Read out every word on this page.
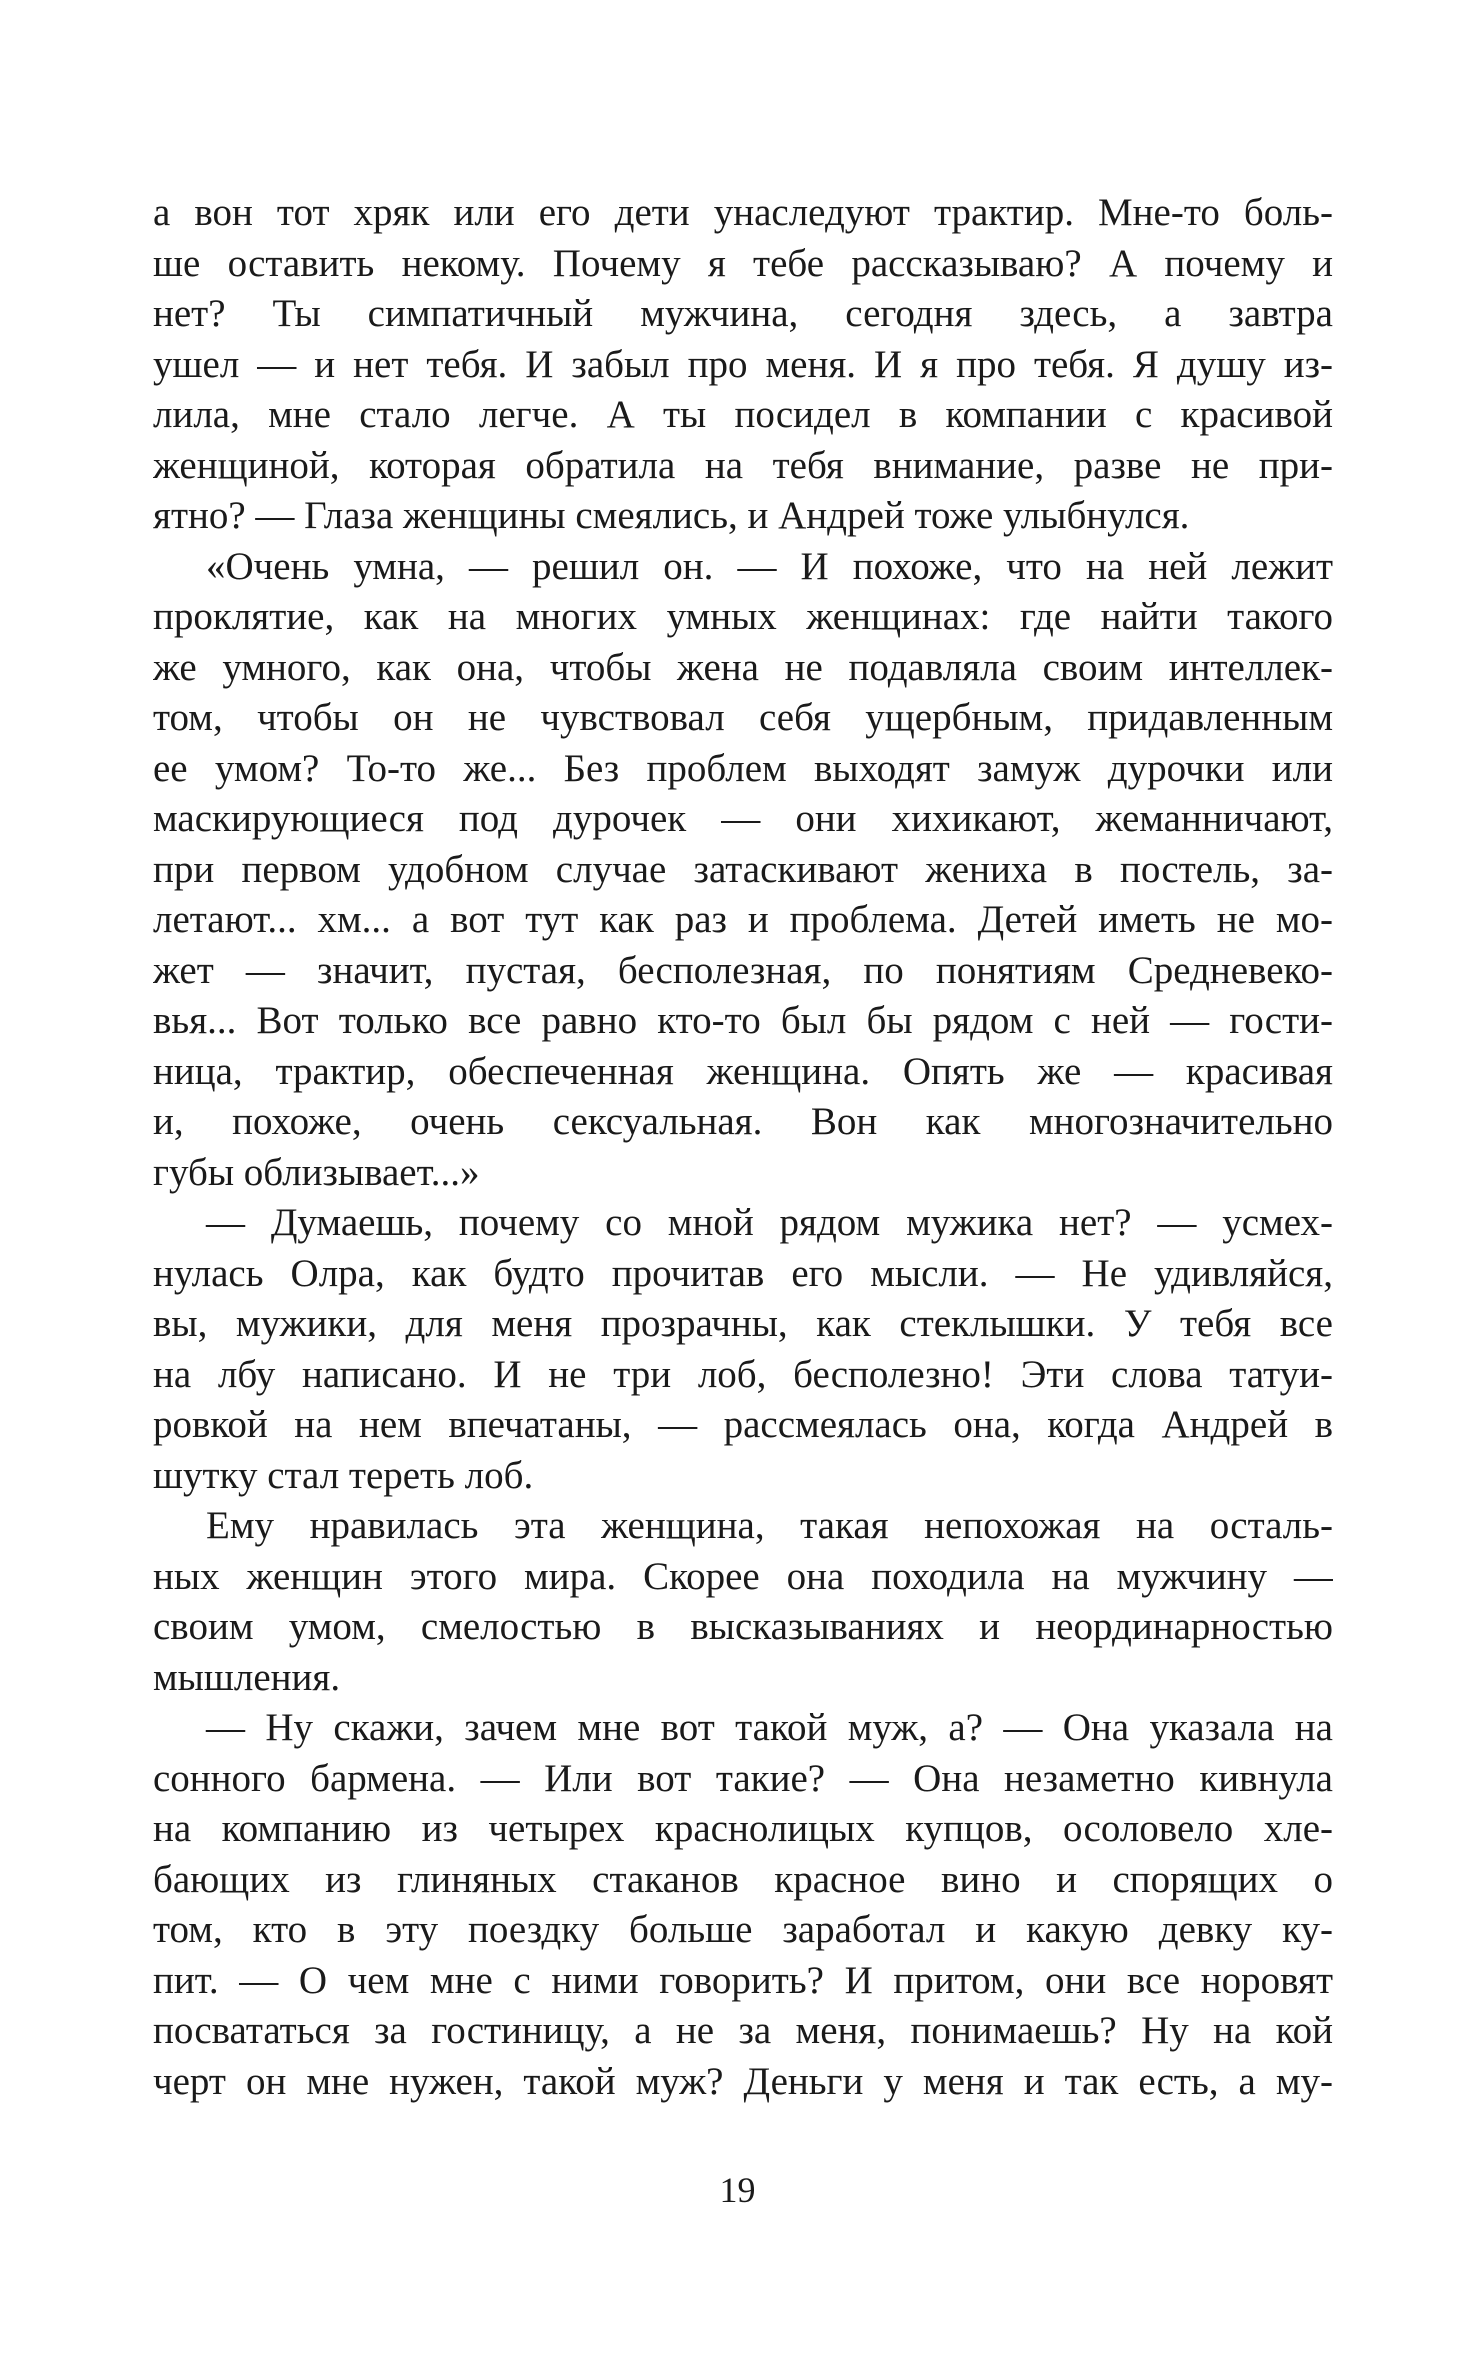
а вон тот хряк или его дети унаследуют трактир. Мне-то боль-
ше оставить некому. Почему я тебе рассказываю? А почему и
нет? Ты симпатичный мужчина, сегодня здесь, а завтра
ушел — и нет тебя. И забыл про меня. И я про тебя. Я душу из-
лила, мне стало легче. А ты посидел в компании с красивой
женщиной, которая обратила на тебя внимание, разве не при-
ятно? — Глаза женщины смеялись, и Андрей тоже улыбнулся.
«Очень умна, — решил он. — И похоже, что на ней лежит
проклятие, как на многих умных женщинах: где найти такого
же умного, как она, чтобы жена не подавляла своим интеллек-
том, чтобы он не чувствовал себя ущербным, придавленным
ее умом? То-то же... Без проблем выходят замуж дурочки или
маскирующиеся под дурочек — они хихикают, жеманничают,
при первом удобном случае затаскивают жениха в постель, за-
летают... хм... а вот тут как раз и проблема. Детей иметь не мо-
жет — значит, пустая, бесполезная, по понятиям Средневеко-
вья... Вот только все равно кто-то был бы рядом с ней — гости-
ница, трактир, обеспеченная женщина. Опять же — красивая
и, похоже, очень сексуальная. Вон как многозначительно
губы облизывает...»
— Думаешь, почему со мной рядом мужика нет? — усмех-
нулась Олра, как будто прочитав его мысли. — Не удивляйся,
вы, мужики, для меня прозрачны, как стеклышки. У тебя все
на лбу написано. И не три лоб, бесполезно! Эти слова татуи-
ровкой на нем впечатаны, — рассмеялась она, когда Андрей в
шутку стал тереть лоб.
Ему нравилась эта женщина, такая непохожая на осталь-
ных женщин этого мира. Скорее она походила на мужчину —
своим умом, смелостью в высказываниях и неординарностью
мышления.
— Ну скажи, зачем мне вот такой муж, а? — Она указала на
сонного бармена. — Или вот такие? — Она незаметно кивнула
на компанию из четырех краснолицых купцов, осоловело хле-
бающих из глиняных стаканов красное вино и спорящих о
том, кто в эту поездку больше заработал и какую девку ку-
пит. — О чем мне с ними говорить? И притом, они все норовят
посвататься за гостиницу, а не за меня, понимаешь? Ну на кой
черт он мне нужен, такой муж? Деньги у меня и так есть, а му-
19
